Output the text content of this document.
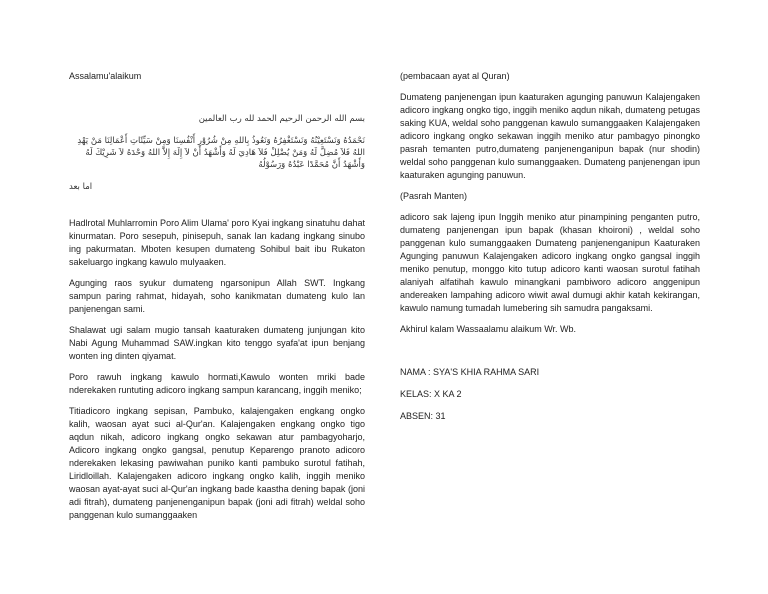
Assalamu'alaikum

بسم الله الرحمن الرحيم الحمد لله رب العالمين

نَحْمَدُهُ وَنَسْتَعِيْنُهُ وَنَسْتَغْفِرُهُ وَنَعُوذُ بِاللهِ مِنْ شُرُوْرِ أَنْفُسِنَا وَمِنْ سَيِّئَاتِ أَعْمَالِنَا مَنْ يَهْدِ اللهُ فَلاَ مُضِلَّ لَهُ وَمَنْ يُضْلِلْ فَلاَ هَادِيَ لَهُ وَأَشْهَدُ أَنْ لاَ إِلَهَ إِلاَّ اللهُ وَحْدَهُ لاَ شَرِيْكَ لَهُ وَأَشْهَدُ أَنَّ مُحَمَّدًا عَبْدُهُ وَرَسُوْلُهُ

اما بعد

Hadlrotal Muhlarromin Poro Alim Ulama' poro Kyai ingkang sinatuhu dahat kinurmatan. Poro sesepuh, pinisepuh, sanak lan kadang ingkang sinubo ing pakurmatan. Mboten kesupen dumateng Sohibul bait ibu Rukaton sakeluargo ingkang kawulo mulyaaken.

Agunging raos syukur dumateng ngarsonipun Allah SWT. Ingkang sampun paring rahmat, hidayah, soho kanikmatan dumateng kulo lan panjenengan sami.

Shalawat ugi salam mugio tansah kaaturaken dumateng junjungan kito Nabi Agung Muhammad SAW.ingkan kito tenggo syafa'at ipun benjang wonten ing dinten qiyamat.

Poro rawuh ingkang kawulo hormati,Kawulo wonten mriki bade nderekaken runtuting adicoro ingkang sampun karancang, inggih meniko;

Titiadicoro ingkang sepisan, Pambuko, kalajengaken engkang ongko kalih, waosan ayat suci al-Qur'an. Kalajengaken engkang ongko tigo aqdun nikah, adicoro ingkang ongko sekawan atur pambagyoharjo, Adicoro ingkang ongko gangsal, penutup Keparengo pranoto adicoro nderekaken lekasing pawiwahan puniko kanti pambuko surotul fatihah, Liridloillah. Kalajengaken adicoro ingkang ongko kalih, inggih meniko waosan ayat-ayat suci al-Qur'an ingkang bade kaastha dening bapak (joni adi fitrah), dumateng panjenenganipun bapak (joni adi fitrah) weldal soho panggenan kulo sumanggaaken

(pembacaan ayat al Quran)

Dumateng panjenengan ipun kaaturaken agunging panuwun Kalajengaken adicoro ingkang ongko tigo, inggih meniko aqdun nikah, dumateng petugas saking KUA, weldal soho panggenan kawulo sumanggaaken Kalajengaken adicoro ingkang ongko sekawan inggih meniko atur pambagyo pinongko pasrah temanten putro,dumateng panjenenganipun bapak (nur shodin) weldal soho panggenan kulo sumanggaaken. Dumateng panjenengan ipun kaaturaken agunging panuwun.

(Pasrah Manten)

adicoro sak lajeng ipun Inggih meniko atur pinampining penganten putro, dumateng panjenengan ipun bapak (khasan khoironi) , weldal soho panggenan kulo sumanggaaken Dumateng panjenenganipun Kaaturaken Agunging panuwun Kalajengaken adicoro ingkang ongko gangsal inggih meniko penutup, monggo kito tutup adicoro kanti waosan surotul fatihah alaniyah alfatihah kawulo minangkani pambiworo adicoro anggenipun andereaken lampahing adicoro wiwit awal dumugi akhir katah kekirangan, kawulo namung tumadah lumebering sih samudra pangaksami.

Akhirul kalam Wassaalamu alaikum Wr. Wb.

NAMA : SYA'S KHIA RAHMA SARI

KELAS: X KA 2

ABSEN: 31
